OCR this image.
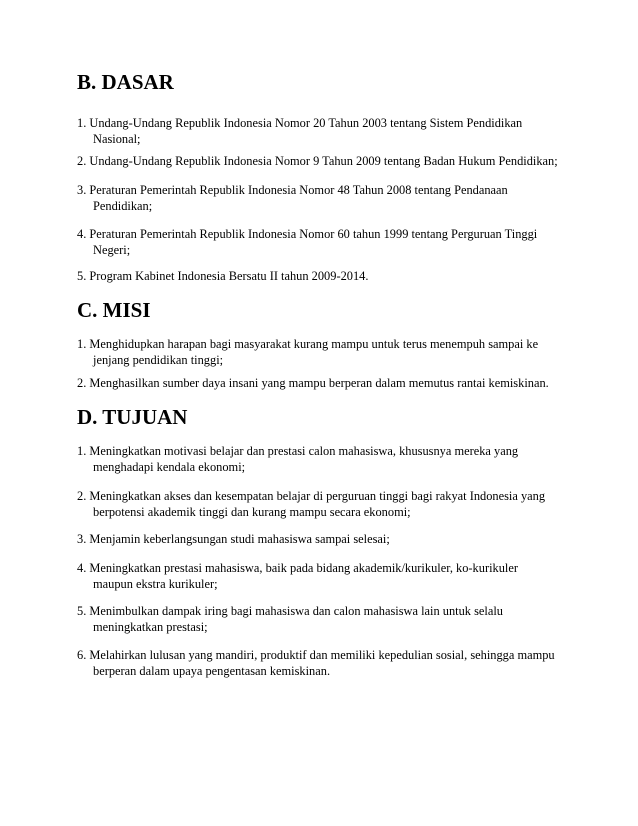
B. DASAR

1. Undang-Undang Republik Indonesia Nomor 20 Tahun 2003 tentang Sistem Pendidikan
Nasional;

2. Undang-Undang Republik Indonesia Nomor 9 Tahun 2009 tentang Badan Hukum Pendidikan;

3. Peraturan Pemerintah Republik Indonesia Nomor 48 Tahun 2008 tentang Pendanaan
Pendidikan;

4. Peraturan Pemerintah Republik Indonesia Nomor 60 tahun 1999 tentang Perguruan Tinggi
Negeri;

5. Program Kabinet Indonesia Bersatu II tahun 2009-2014.

C. MISI

1. Menghidupkan harapan bagi masyarakat kurang mampu untuk terus menempuh sampai ke
jenjang pendidikan tinggi;

2. Menghasilkan sumber daya insani yang mampu berperan dalam memutus rantai kemiskinan.

D. TUJUAN

1. Meningkatkan motivasi belajar dan prestasi calon mahasiswa, khususnya mereka yang
menghadapi kendala ekonomi;

2. Meningkatkan akses dan kesempatan belajar di perguruan tinggi bagi rakyat Indonesia yang
berpotensi akademik tinggi dan kurang mampu secara ekonomi;

3. Menjamin keberlangsungan studi mahasiswa sampai selesai;

4. Meningkatkan prestasi mahasiswa, baik pada bidang akademik/kurikuler, ko-kurikuler
maupun ekstra kurikuler;

5. Menimbulkan dampak iring bagi mahasiswa dan calon mahasiswa lain untuk selalu
meningkatkan prestasi;

6. Melahirkan lulusan yang mandiri, produktif dan memiliki kepedulian sosial, sehingga mampu
berperan dalam upaya pengentasan kemiskinan.
